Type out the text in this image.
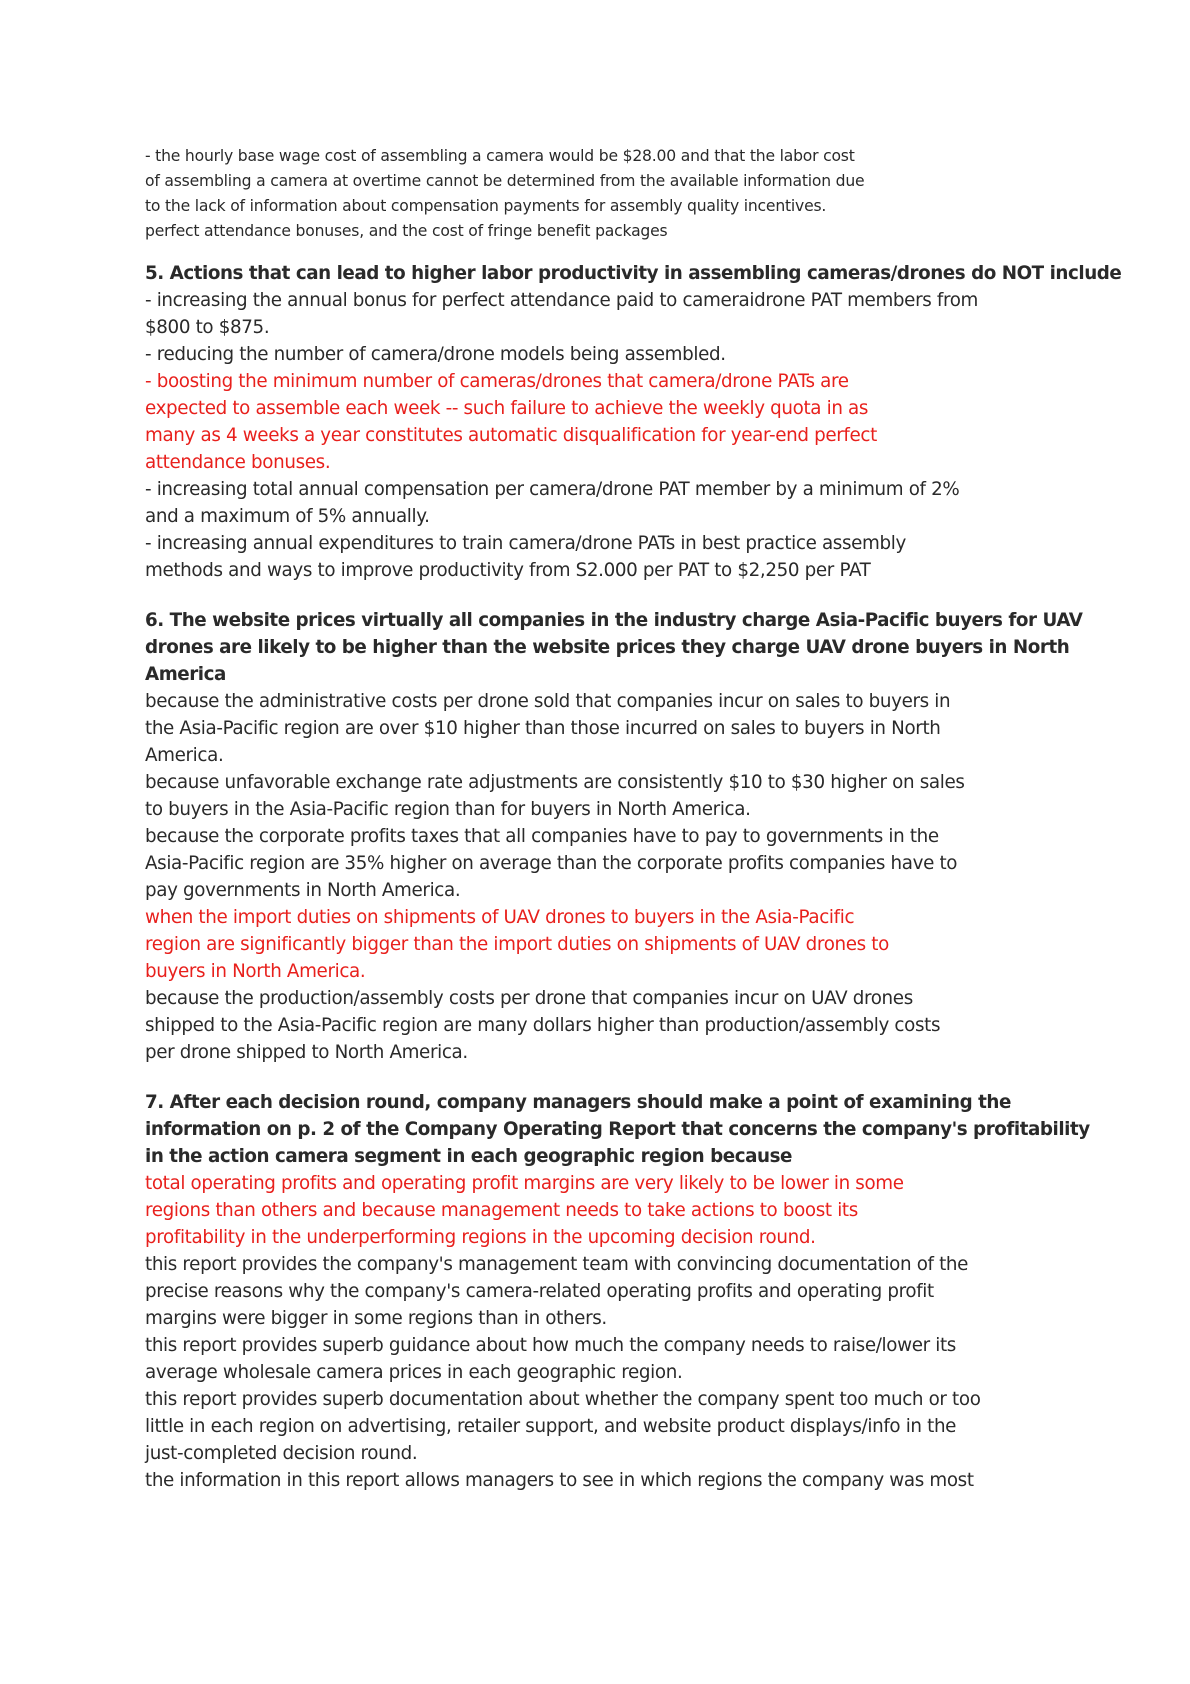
- the hourly base wage cost of assembling a camera would be $28.00 and that the labor cost
of assembling a camera at overtime cannot be determined from the available information due
to the lack of information about compensation payments for assembly quality incentives.
perfect attendance bonuses, and the cost of fringe benefit packages
5. Actions that can lead to higher labor productivity in assembling cameras/drones do NOT include
- increasing the annual bonus for perfect attendance paid to cameraidrone PAT members from
$800 to $875.
- reducing the number of camera/drone models being assembled.
- boosting the minimum number of cameras/drones that camera/drone PATs are
expected to assemble each week -- such failure to achieve the weekly quota in as
many as 4 weeks a year constitutes automatic disqualification for year-end perfect
attendance bonuses.
- increasing total annual compensation per camera/drone PAT member by a minimum of 2%
and a maximum of 5% annually.
- increasing annual expenditures to train camera/drone PATs in best practice assembly
methods and ways to improve productivity from S2.000 per PAT to $2,250 per PAT
6. The website prices virtually all companies in the industry charge Asia-Pacific buyers for UAV
drones are likely to be higher than the website prices they charge UAV drone buyers in North
America
because the administrative costs per drone sold that companies incur on sales to buyers in
the Asia-Pacific region are over $10 higher than those incurred on sales to buyers in North
America.
because unfavorable exchange rate adjustments are consistently $10 to $30 higher on sales
to buyers in the Asia-Pacific region than for buyers in North America.
because the corporate profits taxes that all companies have to pay to governments in the
Asia-Pacific region are 35% higher on average than the corporate profits companies have to
pay governments in North America.
when the import duties on shipments of UAV drones to buyers in the Asia-Pacific
region are significantly bigger than the import duties on shipments of UAV drones to
buyers in North America.
because the production/assembly costs per drone that companies incur on UAV drones
shipped to the Asia-Pacific region are many dollars higher than production/assembly costs
per drone shipped to North America.
7. After each decision round, company managers should make a point of examining the
information on p. 2 of the Company Operating Report that concerns the company's profitability
in the action camera segment in each geographic region because
total operating profits and operating profit margins are very likely to be lower in some
regions than others and because management needs to take actions to boost its
profitability in the underperforming regions in the upcoming decision round.
this report provides the company's management team with convincing documentation of the
precise reasons why the company's camera-related operating profits and operating profit
margins were bigger in some regions than in others.
this report provides superb guidance about how much the company needs to raise/lower its
average wholesale camera prices in each geographic region.
this report provides superb documentation about whether the company spent too much or too
little in each region on advertising, retailer support, and website product displays/info in the
just-completed decision round.
the information in this report allows managers to see in which regions the company was most
